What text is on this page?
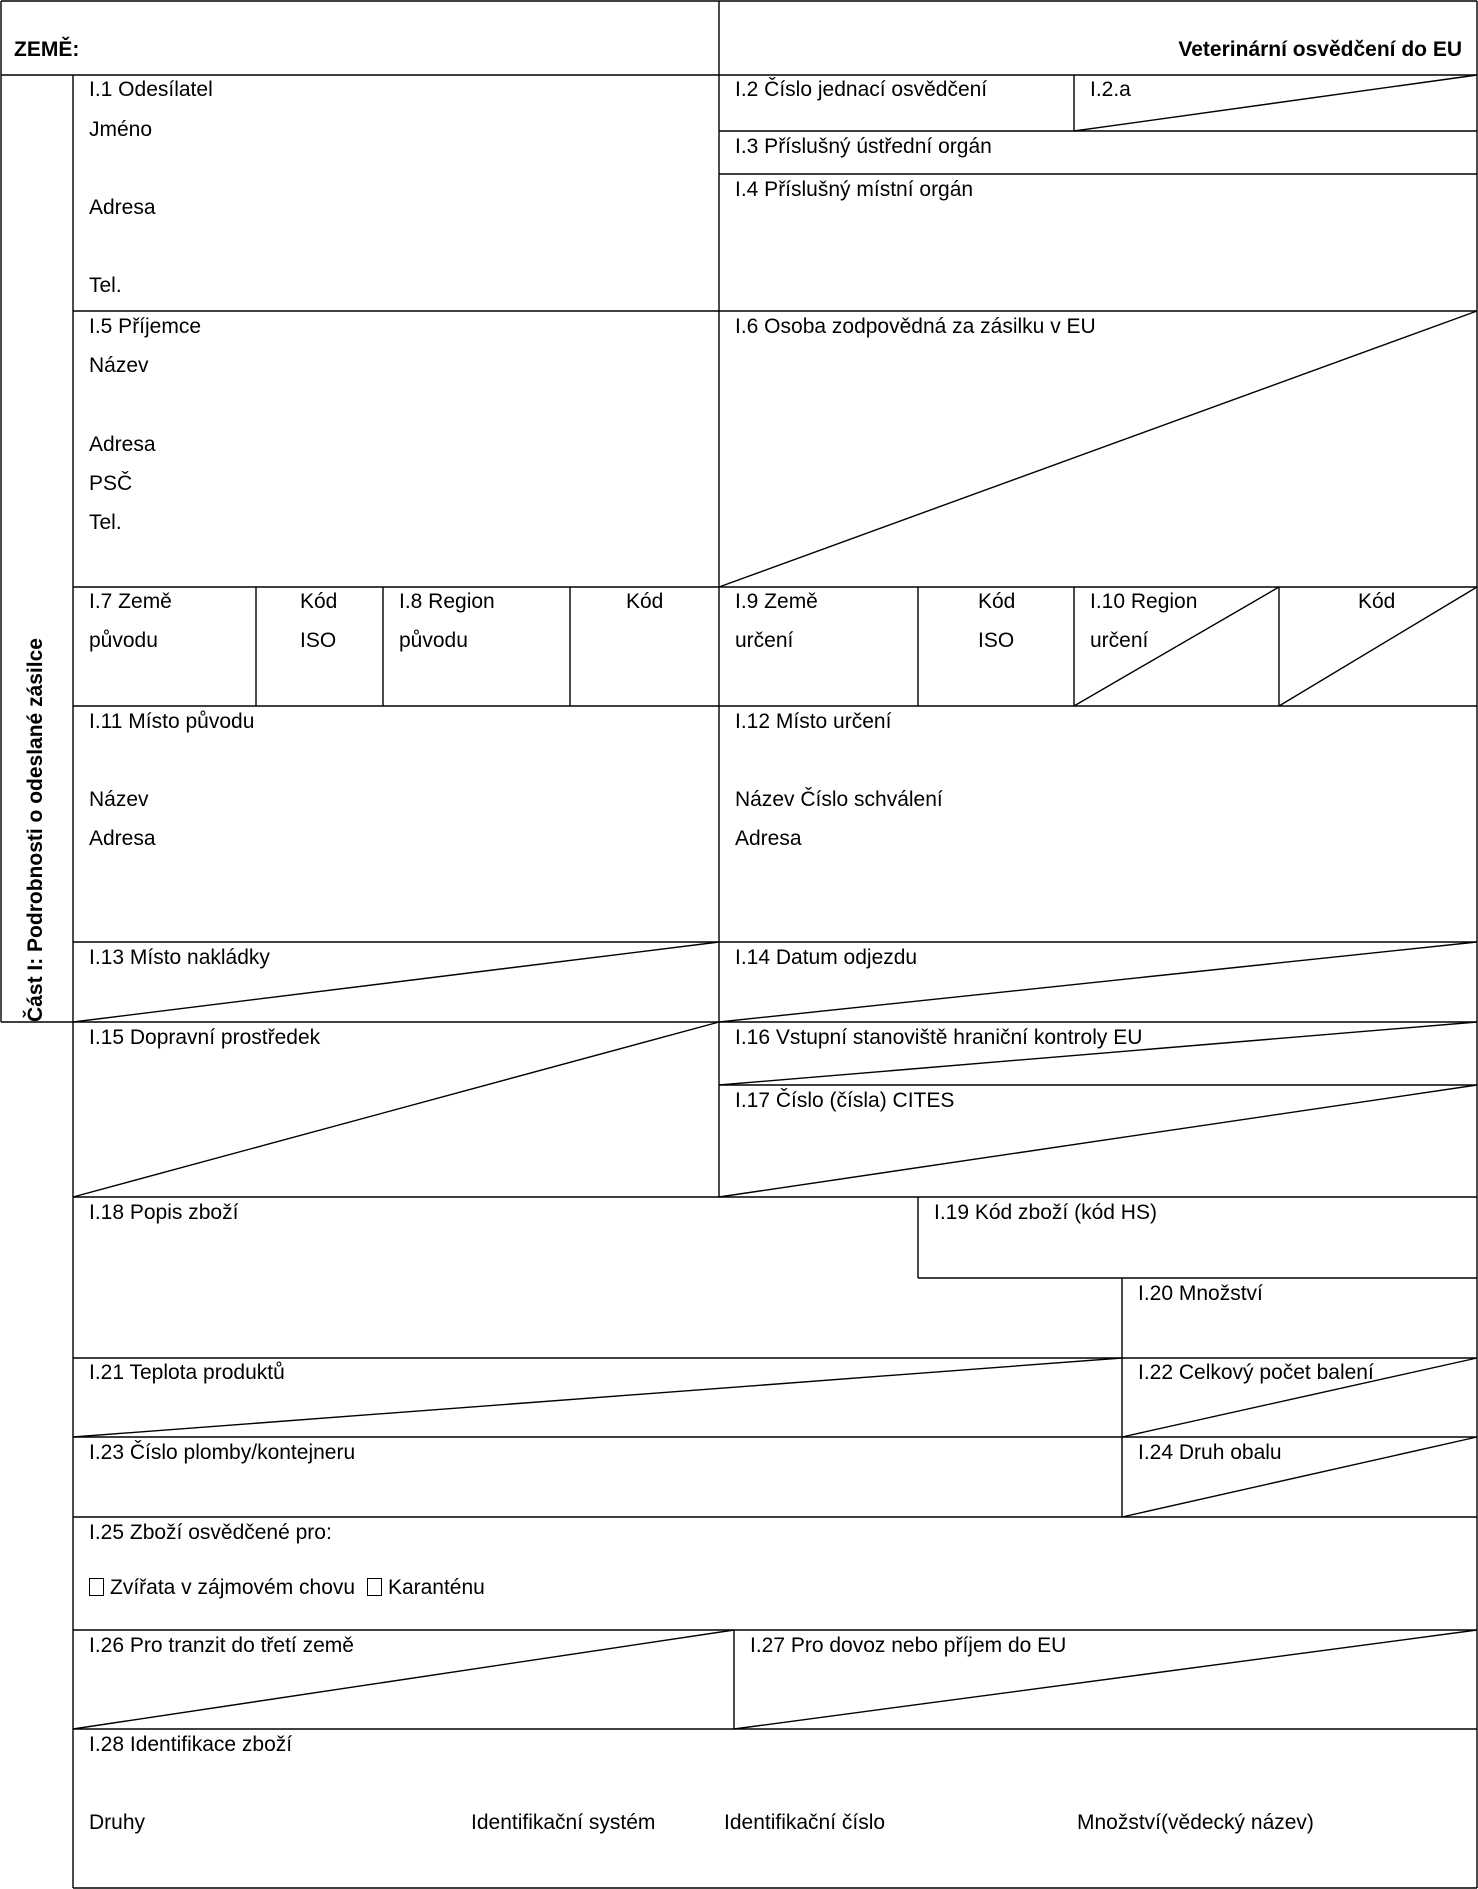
ZEMĚ:	Veterinární osvědčení do EU
Část I: Podrobnosti o odeslané zásilce
I.1 Odesílatel
Jméno
Adresa
Tel.
I.2 Číslo jednací osvědčení	I.2.a
I.3 Příslušný ústřední orgán
I.4 Příslušný místní orgán
I.5 Příjemce
Název
Adresa
PSČ
Tel.
I.6 Osoba zodpovědná za zásilku v EU
I.7 Země
původu
Kód
ISO
I.8 Region
původu
Kód	I.9 Země
určení
Kód
ISO
I.10 Region
určení
Kód
I.11 Místo původu
Název
Adresa
I.12 Místo určení
Název Číslo schválení
Adresa
I.13 Místo nakládky	I.14 Datum odjezdu
I.15 Dopravní prostředek	I.16 Vstupní stanoviště hraniční kontroly EU
I.17 Číslo (čísla) CITES
I.18 Popis zboží	I.19 Kód zboží (kód HS)
I.20 Množství
I.21 Teplota produktů	I.22 Celkový počet balení
I.23 Číslo plomby/kontejneru	I.24 Druh obalu
I.25 Zboží osvědčené pro:
Zvířata v zájmovém chovu Karanténu
I.26 Pro tranzit do třetí země	I.27 Pro dovoz nebo příjem do EU
I.28 Identifikace zboží
Druhy	Identifikační systém	Identifikační číslo	Množství(vědecký název)
